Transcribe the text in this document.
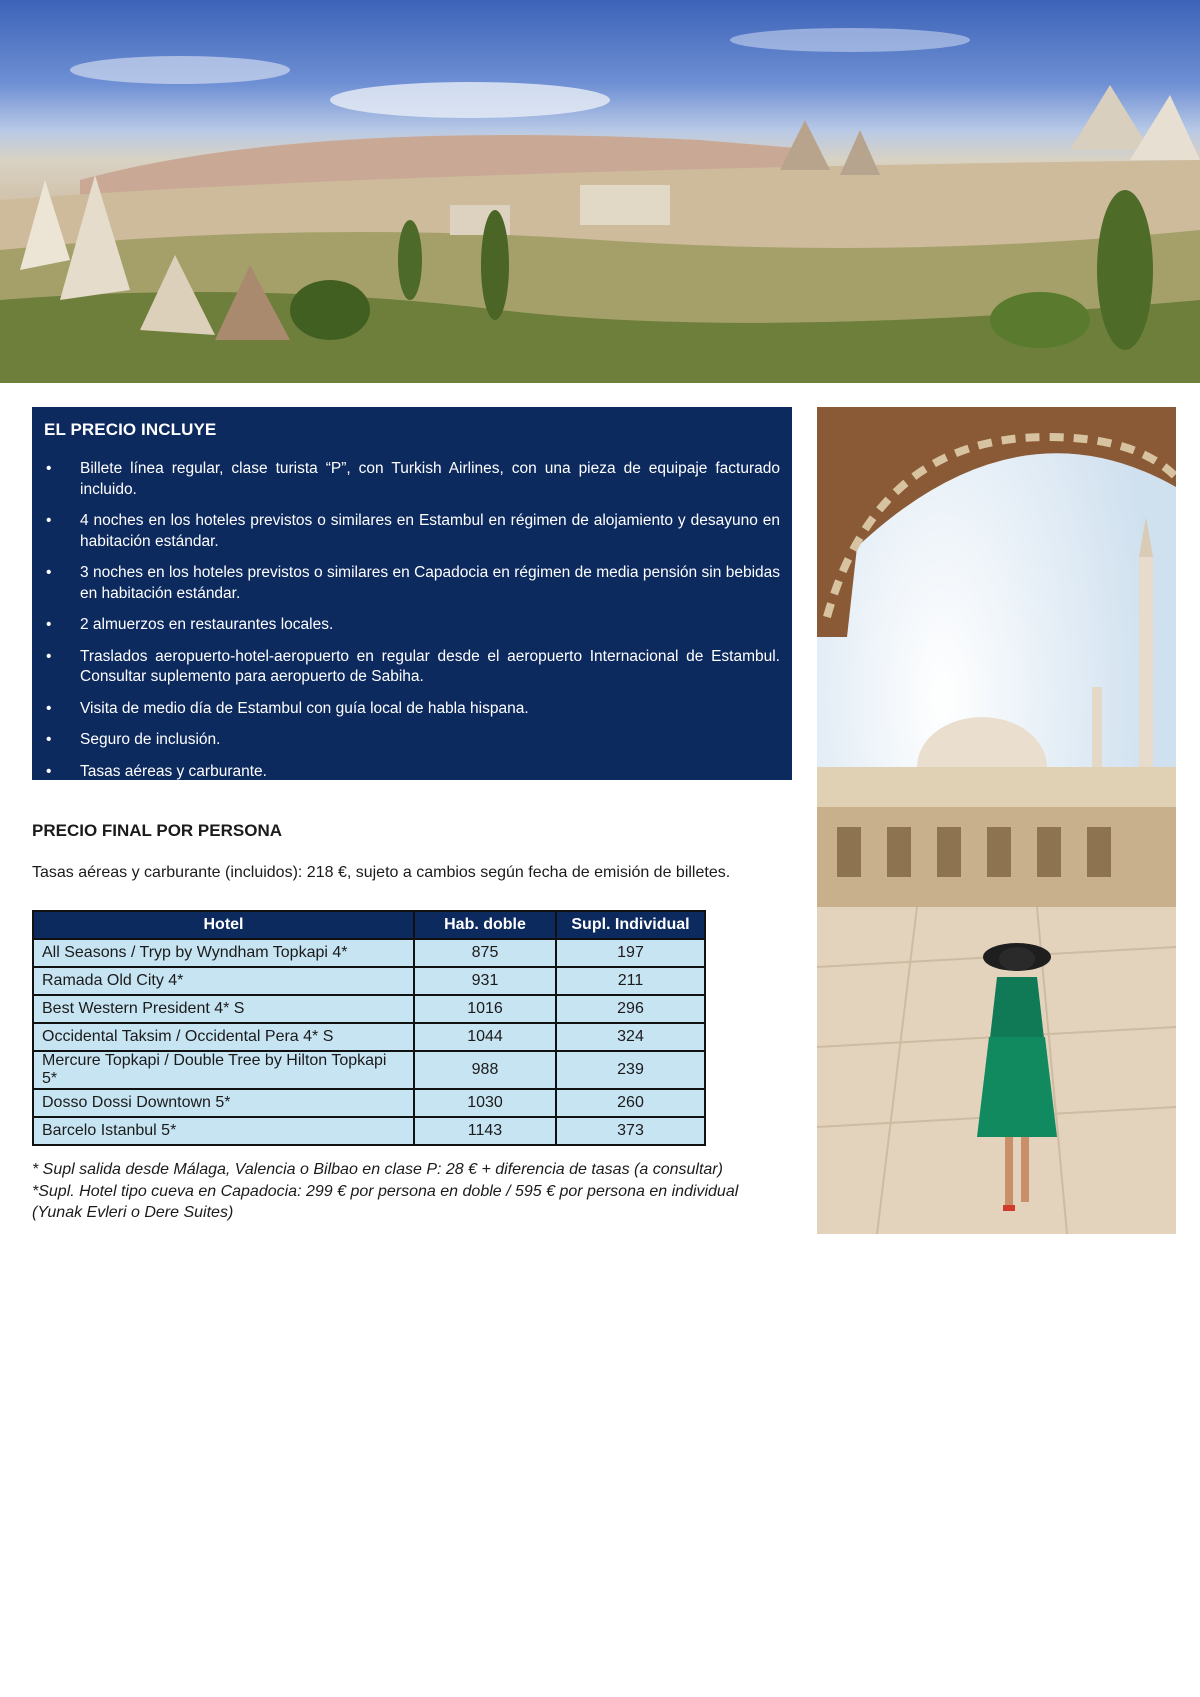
EL PRECIO INCLUYE
• Billete línea regular, clase turista “P”, con Turkish Airlines, con una pieza de equipaje facturado incluido.
• 4 noches en los hoteles previstos o similares en Estambul en régimen de alojamiento y desayuno en habitación estándar.
• 3 noches en los hoteles previstos o similares en Capadocia en régimen de media pensión sin bebidas en habitación estándar.
• 2 almuerzos en restaurantes locales.
• Traslados aeropuerto-hotel-aeropuerto en regular desde el aeropuerto Internacional de Estambul. Consultar suplemento para aeropuerto de Sabiha.
• Visita de medio día de Estambul con guía local de habla hispana.
• Seguro de inclusión.
• Tasas aéreas y carburante.
PRECIO FINAL POR PERSONA
Tasas aéreas y carburante (incluidos): 218 €, sujeto a cambios según fecha de emisión de billetes.
Hotel	Hab. doble	Supl. Individual
All Seasons / Tryp by Wyndham Topkapi 4*	875	197
Ramada Old City 4*	931	211
Best Western President 4* S	1016	296
Occidental Taksim / Occidental Pera 4* S	1044	324
Mercure Topkapi / Double Tree by Hilton Topkapi 5*	988	239
Dosso Dossi Downtown 5*	1030	260
Barcelo Istanbul 5*	1143	373

* Supl salida desde Málaga, Valencia o Bilbao en clase P: 28 € + diferencia de tasas (a consultar)

*Supl. Hotel tipo cueva en Capadocia: 299 € por persona en doble / 595 € por persona en individual (Yunak Evleri o Dere Suites)
